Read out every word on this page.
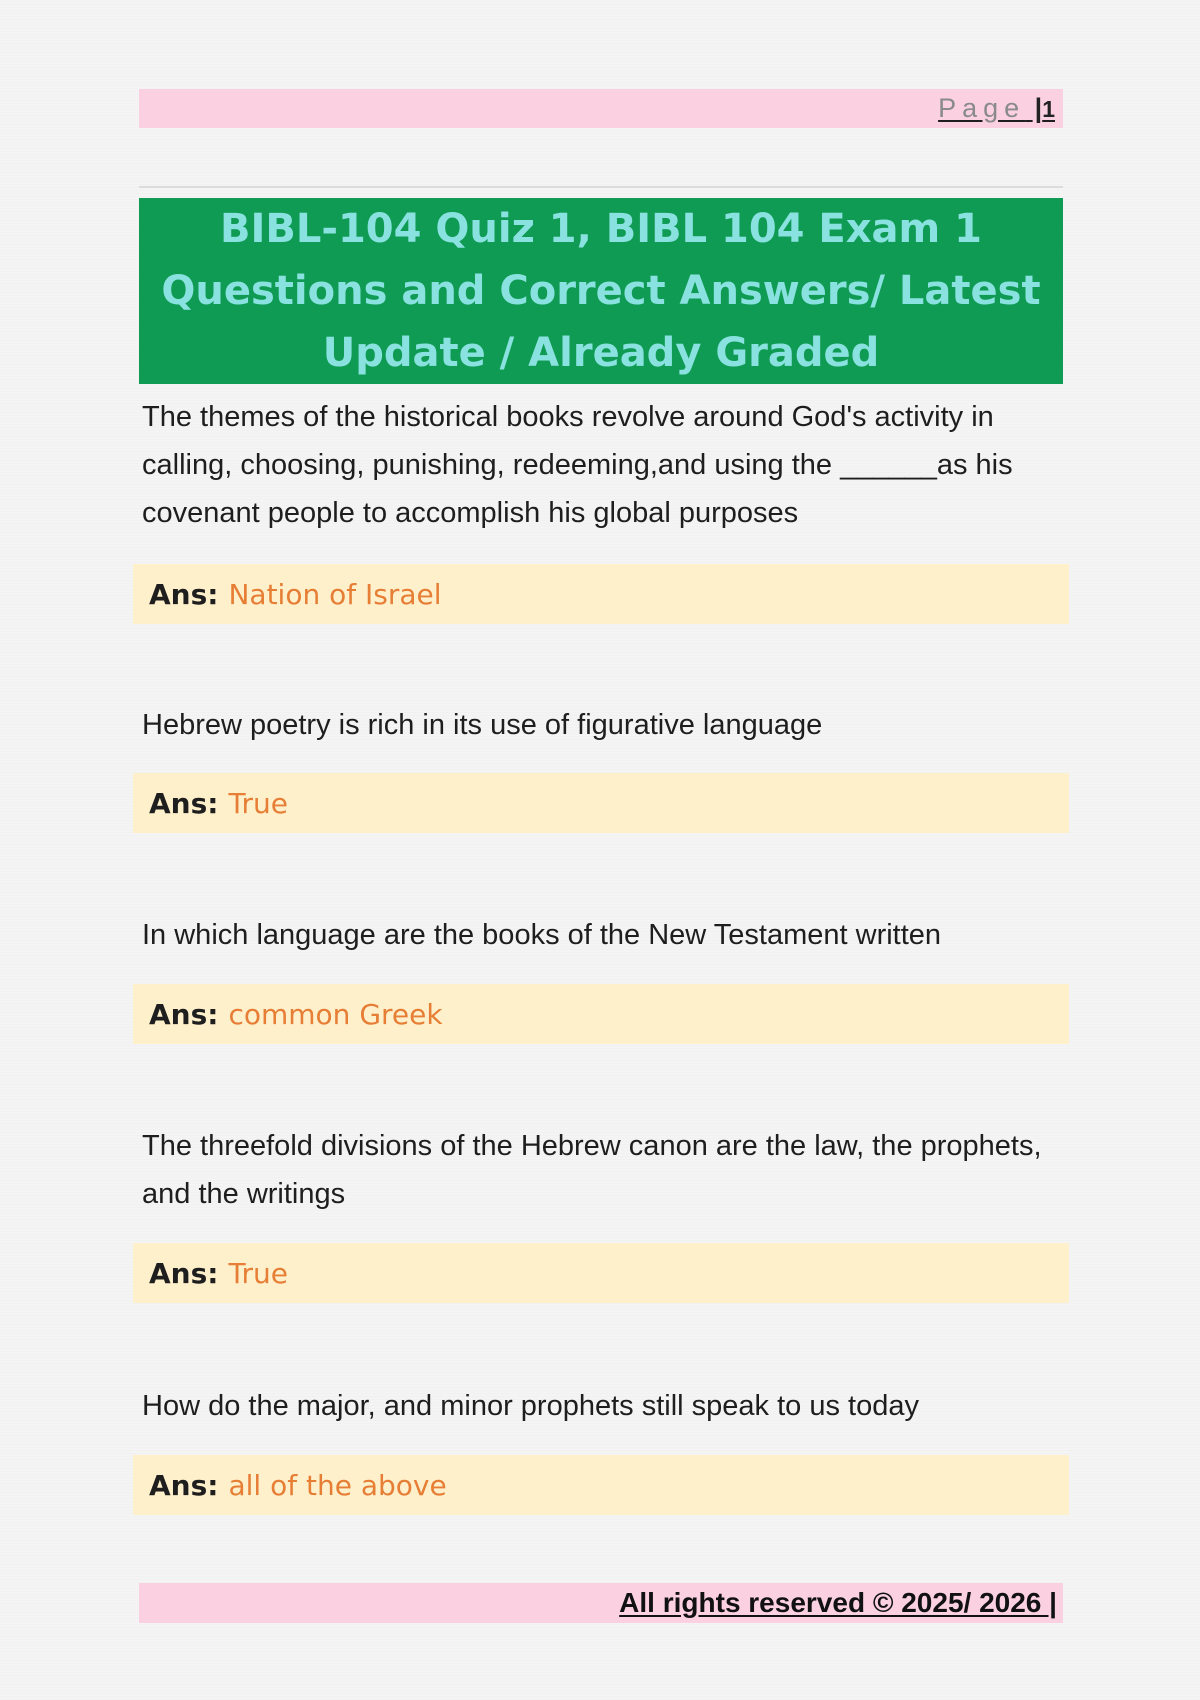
Page |1
BIBL-104 Quiz 1, BIBL 104 Exam 1 Questions and Correct Answers/ Latest Update / Already Graded

The themes of the historical books revolve around God's activity in calling, choosing, punishing, redeeming,and using the ______as his covenant people to accomplish his global purposes

Ans: Nation of Israel

Hebrew poetry is rich in its use of figurative language

Ans: True

In which language are the books of the New Testament written

Ans: common Greek

The threefold divisions of the Hebrew canon are the law, the prophets, and the writings

Ans: True

How do the major, and minor prophets still speak to us today

Ans: all of the above
All rights reserved © 2025/ 2026 |
